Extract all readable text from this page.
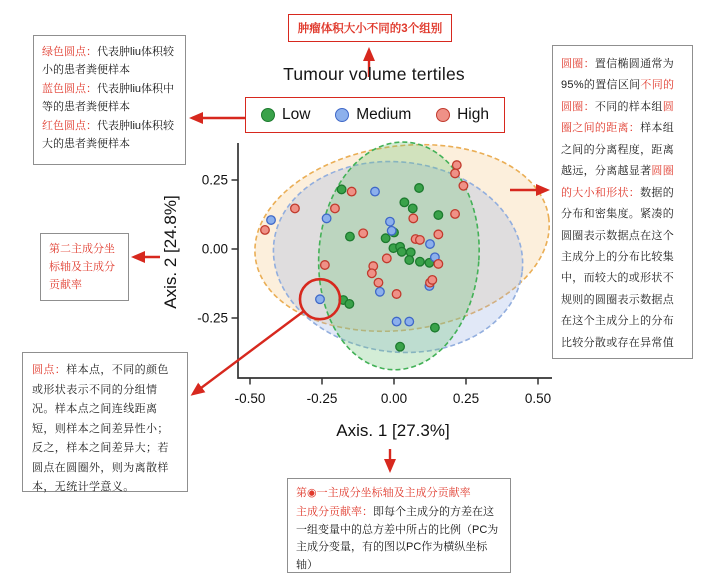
-0.50	-0.25	0.00	0.25	0.50
0.25
0.00
-0.25
Axis. 1 [27.3%]
Axis. 2 [24.8%]
肿瘤体积大小不同的3个组别
Tumour volume tertiles
Low	Medium	High
绿色圆点：代表肿liu体积较小的患者粪便样本
蓝色圆点：代表肿liu体积中等的患者粪便样本
红色圆点：代表肿liu体积较大的患者粪便样本
第二主成分坐标轴及主成分贡献率
圆点：样本点，不同的颜色或形状表示不同的分组情况。样本点之间连线距离短，则样本之间差异性小；反之，样本之间差异大；若圆点在圆圈外，则为离散样本，无统计学意义。
圆圈：置信椭圆通常为95%的置信区间不同的圆圈：不同的样本组圆圈之间的距离：样本组之间的分离程度，距离越远，分离越显著圆圈的大小和形状：数据的分布和密集度。紧凑的圆圈表示数据点在这个主成分上的分布比较集中，而较大的或形状不规则的圆圈表示数据点在这个主成分上的分布比较分散或存在异常值
第◉一主成分坐标轴及主成分贡献率
主成分贡献率：即每个主成分的方差在这一组变量中的总方差中所占的比例（PC为主成分变量，有的图以PC作为横纵坐标轴）
